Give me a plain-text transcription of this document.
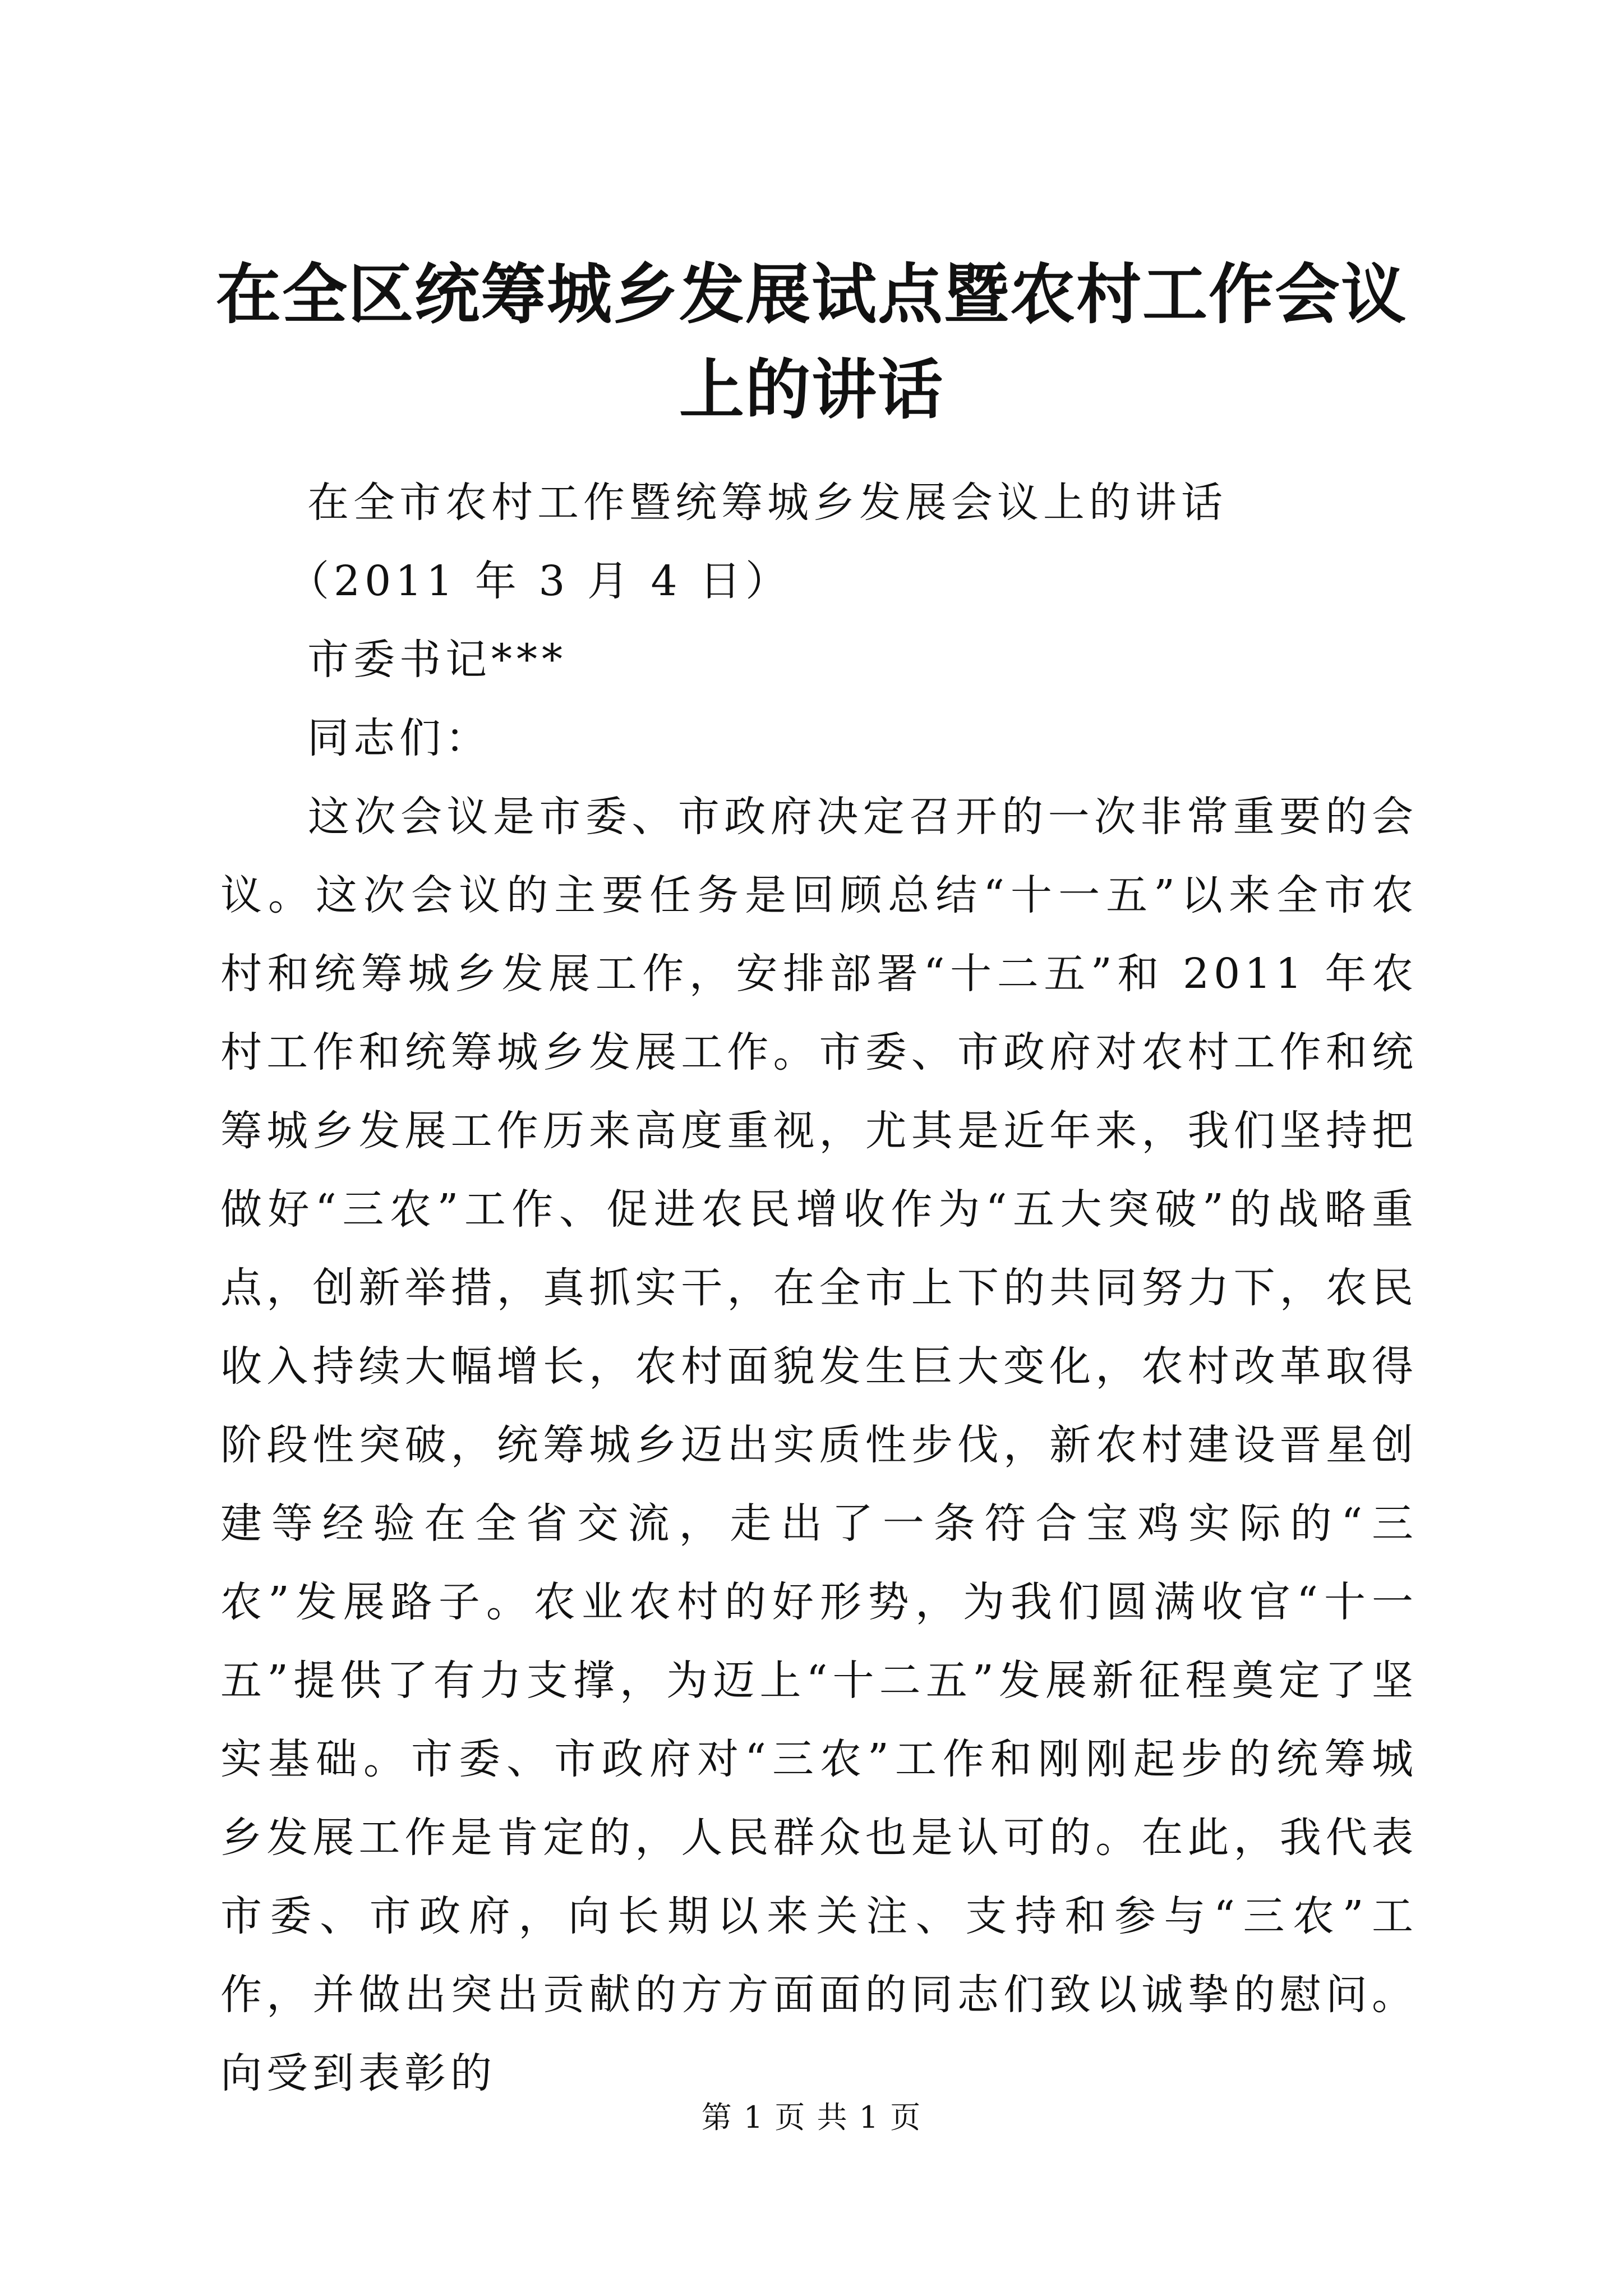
在全区统筹城乡发展试点暨农村工作会议上的讲话
在全市农村工作暨统筹城乡发展会议上的讲话
（2011 年 3 月 4 日）
市委书记***
同志们：
这次会议是市委、市政府决定召开的一次非常重要的会议。这次会议的主要任务是回顾总结“十一五”以来全市农村和统筹城乡发展工作，安排部署“十二五”和 2011 年农村工作和统筹城乡发展工作。市委、市政府对农村工作和统筹城乡发展工作历来高度重视，尤其是近年来，我们坚持把做好“三农”工作、促进农民增收作为“五大突破”的战略重点，创新举措，真抓实干，在全市上下的共同努力下，农民收入持续大幅增长，农村面貌发生巨大变化，农村改革取得阶段性突破，统筹城乡迈出实质性步伐，新农村建设晋星创建等经验在全省交流，走出了一条符合宝鸡实际的“三农”发展路子。农业农村的好形势，为我们圆满收官“十一五”提供了有力支撑，为迈上“十二五”发展新征程奠定了坚实基础。市委、市政府对“三农”工作和刚刚起步的统筹城乡发展工作是肯定的，人民群众也是认可的。在此，我代表市委、市政府，向长期以来关注、支持和参与“三农”工作，并做出突出贡献的方方面面的同志们致以诚挚的慰问。向受到表彰的
第 1 页 共 1 页
